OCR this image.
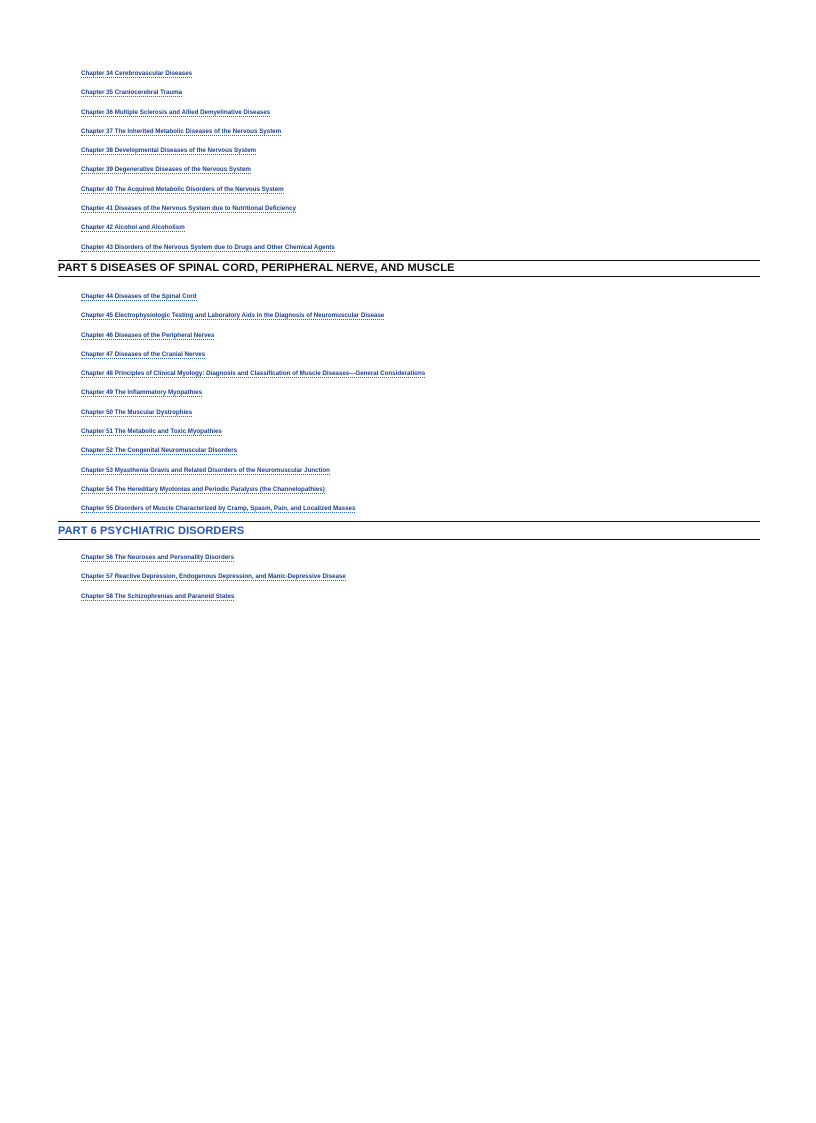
Chapter 34 Cerebrovascular Diseases
Chapter 35 Craniocerebral Trauma
Chapter 36 Multiple Sclerosis and Allied Demyelinative Diseases
Chapter 37 The Inherited Metabolic Diseases of the Nervous System
Chapter 38 Developmental Diseases of the Nervous System
Chapter 39 Degenerative Diseases of the Nervous System
Chapter 40 The Acquired Metabolic Disorders of the Nervous System
Chapter 41 Diseases of the Nervous System due to Nutritional Deficiency
Chapter 42 Alcohol and Alcoholism
Chapter 43 Disorders of the Nervous System due to Drugs and Other Chemical Agents
PART 5 DISEASES OF SPINAL CORD, PERIPHERAL NERVE, AND MUSCLE
Chapter 44 Diseases of the Spinal Cord
Chapter 45 Electrophysiologic Testing and Laboratory Aids in the Diagnosis of Neuromuscular Disease
Chapter 46 Diseases of the Peripheral Nerves
Chapter 47 Diseases of the Cranial Nerves
Chapter 48 Principles of Clinical Myology: Diagnosis and Classification of Muscle Diseases—General Considerations
Chapter 49 The Inflammatory Myopathies
Chapter 50 The Muscular Dystrophies
Chapter 51 The Metabolic and Toxic Myopathies
Chapter 52 The Congenital Neuromuscular Disorders
Chapter 53 Myasthenia Gravis and Related Disorders of the Neuromuscular Junction
Chapter 54 The Hereditary Myotonias and Periodic Paralysis (the Channelopathies)
Chapter 55 Disorders of Muscle Characterized by Cramp, Spasm, Pain, and Localized Masses
PART 6 PSYCHIATRIC DISORDERS
Chapter 56 The Neuroses and Personality Disorders
Chapter 57 Reactive Depression, Endogenous Depression, and Manic-Depressive Disease
Chapter 58 The Schizophrenias and Paranoid States
